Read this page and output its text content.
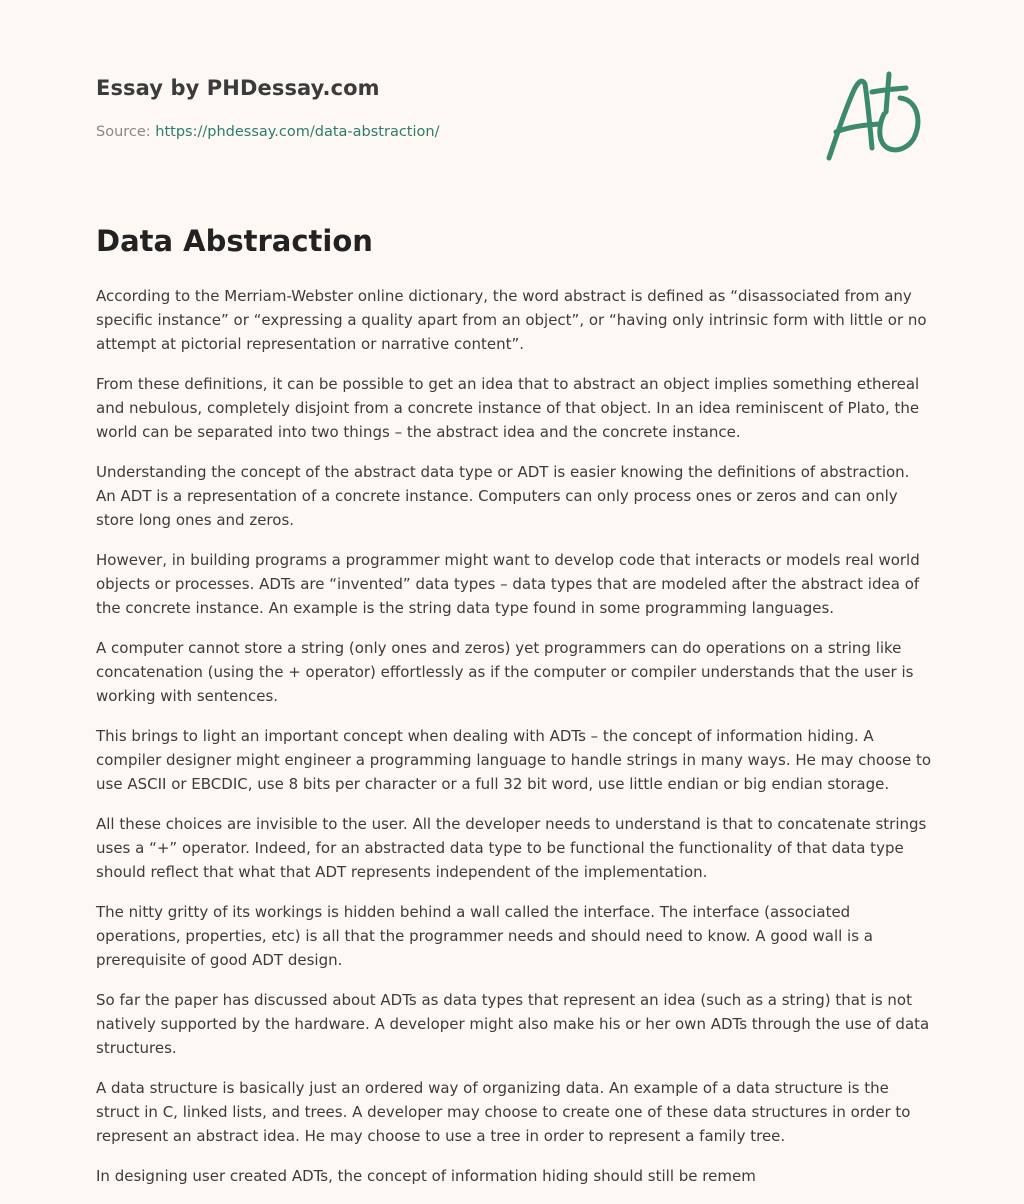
Essay by PHDessay.com
Source: https://phdessay.com/data-abstraction/
Data Abstraction

According to the Merriam-Webster online dictionary, the word abstract is defined as “disassociated from any specific instance” or “expressing a quality apart from an object”, or “having only intrinsic form with little or no attempt at pictorial representation or narrative content”.

From these definitions, it can be possible to get an idea that to abstract an object implies something ethereal and nebulous, completely disjoint from a concrete instance of that object. In an idea reminiscent of Plato, the world can be separated into two things – the abstract idea and the concrete instance.

Understanding the concept of the abstract data type or ADT is easier knowing the definitions of abstraction. An ADT is a representation of a concrete instance. Computers can only process ones or zeros and can only store long ones and zeros.

However, in building programs a programmer might want to develop code that interacts or models real world objects or processes. ADTs are “invented” data types – data types that are modeled after the abstract idea of the concrete instance. An example is the string data type found in some programming languages.

A computer cannot store a string (only ones and zeros) yet programmers can do operations on a string like concatenation (using the + operator) effortlessly as if the computer or compiler understands that the user is working with sentences.

This brings to light an important concept when dealing with ADTs – the concept of information hiding. A compiler designer might engineer a programming language to handle strings in many ways. He may choose to use ASCII or EBCDIC, use 8 bits per character or a full 32 bit word, use little endian or big endian storage.

All these choices are invisible to the user. All the developer needs to understand is that to concatenate strings uses a “+” operator. Indeed, for an abstracted data type to be functional the functionality of that data type should reflect that what that ADT represents independent of the implementation.

The nitty gritty of its workings is hidden behind a wall called the interface. The interface (associated operations, properties, etc) is all that the programmer needs and should need to know. A good wall is a prerequisite of good ADT design.

So far the paper has discussed about ADTs as data types that represent an idea (such as a string) that is not natively supported by the hardware. A developer might also make his or her own ADTs through the use of data structures.

A data structure is basically just an ordered way of organizing data. An example of a data structure is the struct in C, linked lists, and trees. A developer may choose to create one of these data structures in order to represent an abstract idea. He may choose to use a tree in order to represent a family tree.

In designing user created ADTs, the concept of information hiding should still be remem
